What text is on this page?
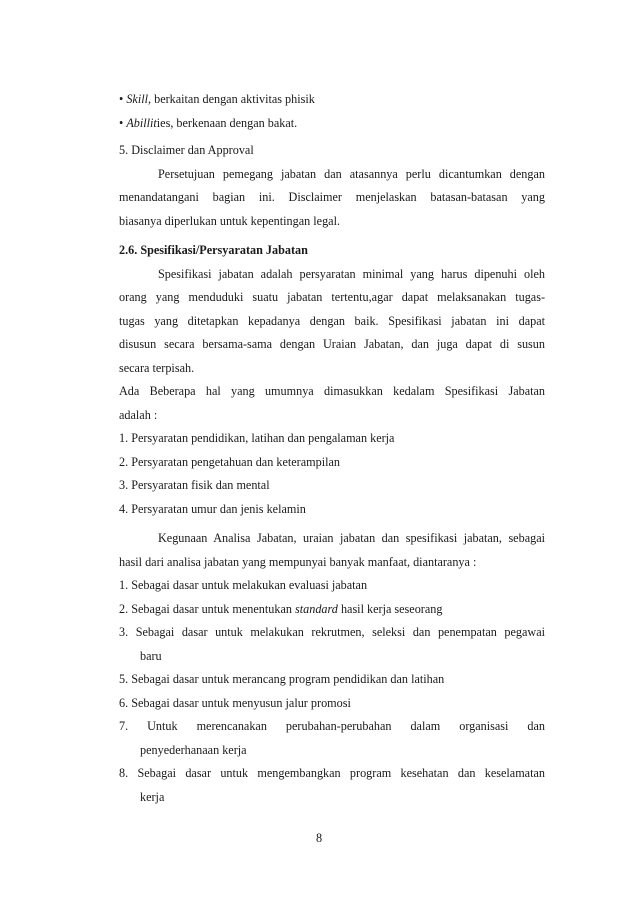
• Skill, berkaitan dengan aktivitas phisik
• Abillities, berkenaan dengan bakat.
5. Disclaimer dan Approval
Persetujuan pemegang jabatan dan atasannya perlu dicantumkan dengan
menandatangani bagian ini. Disclaimer menjelaskan batasan-batasan yang
biasanya diperlukan untuk kepentingan legal.
2.6. Spesifikasi/Persyaratan Jabatan
Spesifikasi jabatan adalah persyaratan minimal yang harus dipenuhi oleh
orang yang menduduki suatu jabatan tertentu,agar dapat melaksanakan tugas-
tugas yang ditetapkan kepadanya dengan baik. Spesifikasi jabatan ini dapat
disusun secara bersama-sama dengan Uraian Jabatan, dan juga dapat di susun
secara terpisah.
Ada Beberapa hal yang umumnya dimasukkan kedalam Spesifikasi Jabatan
adalah :
1. Persyaratan pendidikan, latihan dan pengalaman kerja
2. Persyaratan pengetahuan dan keterampilan
3. Persyaratan fisik dan mental
4. Persyaratan umur dan jenis kelamin
Kegunaan Analisa Jabatan, uraian jabatan dan spesifikasi jabatan, sebagai
hasil dari analisa jabatan yang mempunyai banyak manfaat, diantaranya :
1. Sebagai dasar untuk melakukan evaluasi jabatan
2. Sebagai dasar untuk menentukan standard hasil kerja seseorang
3. Sebagai dasar untuk melakukan rekrutmen, seleksi dan penempatan pegawai
baru
5. Sebagai dasar untuk merancang program pendidikan dan latihan
6. Sebagai dasar untuk menyusun jalur promosi
7. Untuk merencanakan perubahan-perubahan dalam organisasi dan
penyederhanaan kerja
8. Sebagai dasar untuk mengembangkan program kesehatan dan keselamatan
kerja
8
